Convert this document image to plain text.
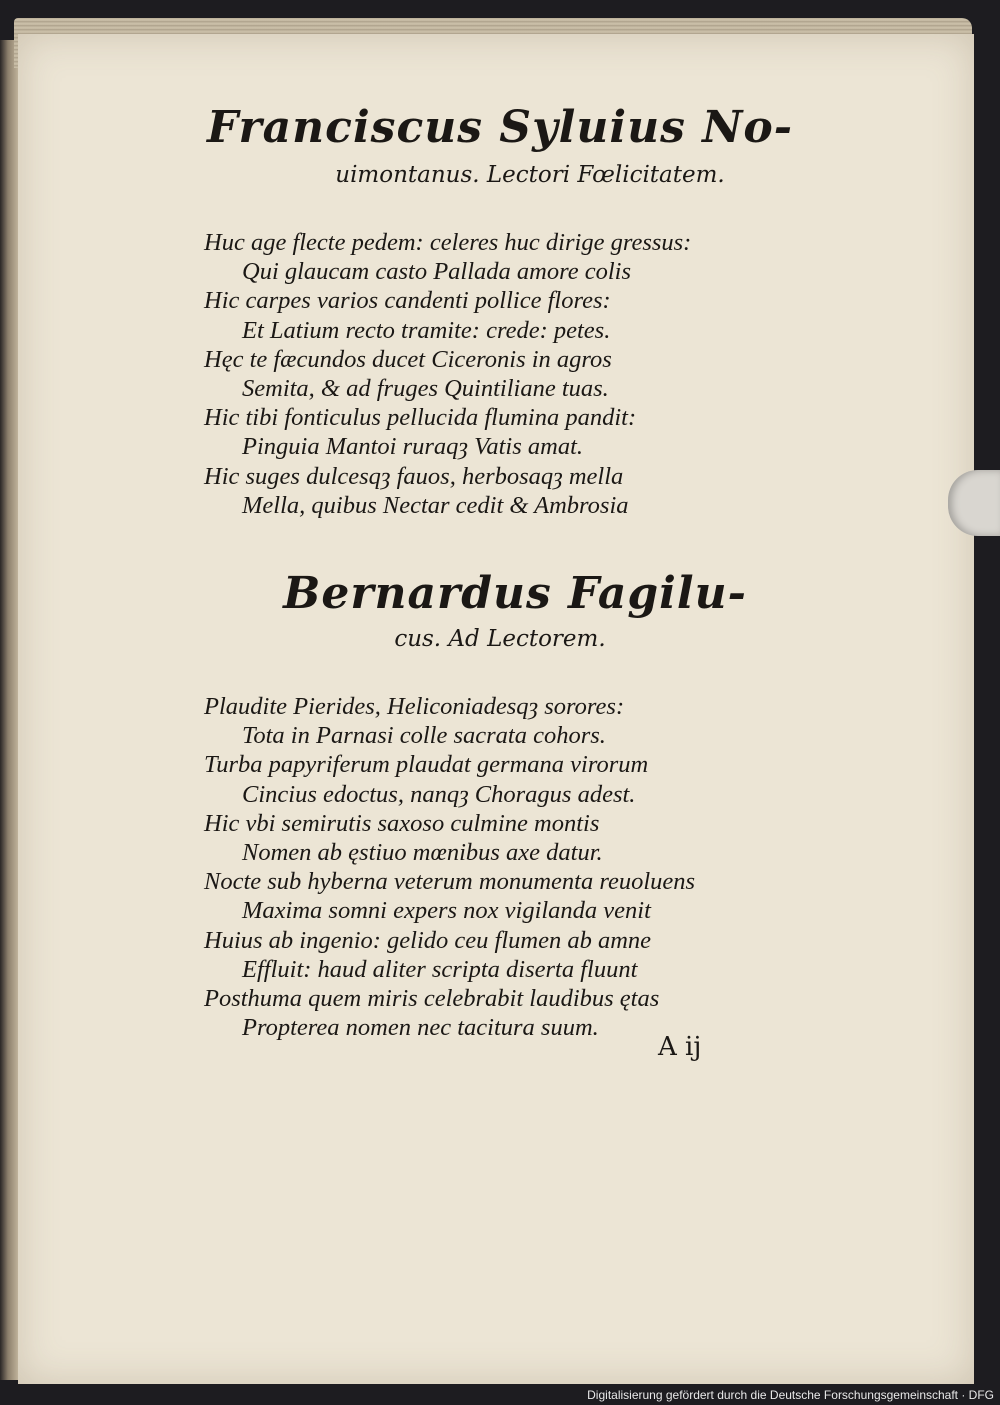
Franciscus Syluius No-
uimontanus. Lectori Fœlicitatem.
Huc age flecte pedem: celeres huc dirige gressus:
Qui glaucam casto Pallada amore colis
Hic carpes varios candenti pollice flores:
Et Latium recto tramite: crede: petes.
Hęc te fæcundos ducet Ciceronis in agros
Semita, & ad fruges Quintiliane tuas.
Hic tibi fonticulus pellucida flumina pandit:
Pinguia Mantoi ruraqȝ Vatis amat.
Hic suges dulcesqȝ fauos, herbosaqȝ mella
Mella, quibus Nectar cedit & Ambrosia
Bernardus Fagilu-
cus. Ad Lectorem.
Plaudite Pierides, Heliconiadesqȝ sorores:
Tota in Parnasi colle sacrata cohors.
Turba papyriferum plaudat germana virorum
Cincius edoctus, nanqȝ Choragus adest.
Hic vbi semirutis saxoso culmine montis
Nomen ab ęstiuo mœnibus axe datur.
Nocte sub hyberna veterum monumenta reuoluens
Maxima somni expers nox vigilanda venit
Huius ab ingenio: gelido ceu flumen ab amne
Effluit: haud aliter scripta diserta fluunt
Posthuma quem miris celebrabit laudibus ętas
Propterea nomen nec tacitura suum.
A ij
Digitalisierung gefördert durch die Deutsche Forschungsgemeinschaft · DFG
